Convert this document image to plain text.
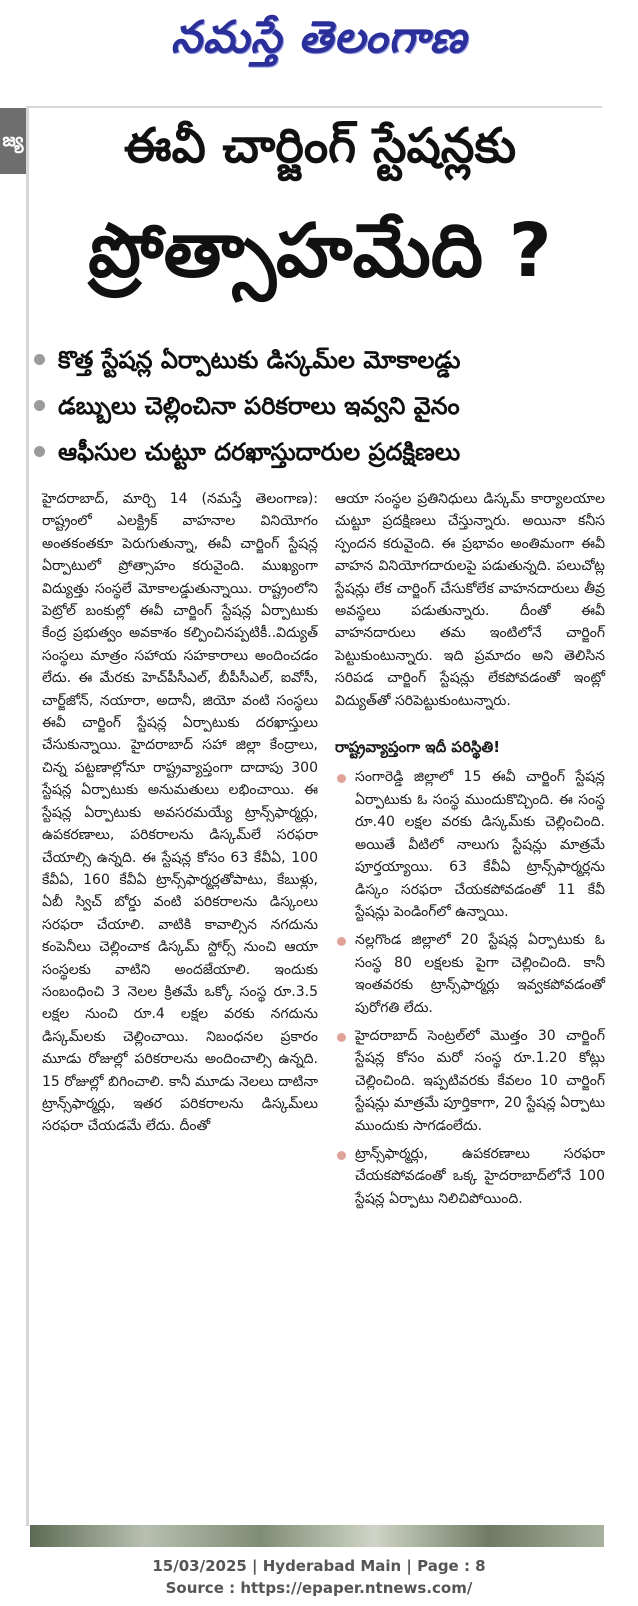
నమస్తే తెలంగాణ
జ్య	ఈవీ చార్జింగ్ స్టేషన్లకు
ప్రోత్సాహమేది ?
కొత్త స్టేషన్ల ఏర్పాటుకు డిస్కమ్‌ల మోకాలడ్డు
డబ్బులు చెల్లించినా పరికరాలు ఇవ్వని వైనం
ఆఫీసుల చుట్టూ దరఖాస్తుదారుల ప్రదక్షిణలు

హైదరాబాద్, మార్చి 14 (నమస్తే తెలంగాణ): రాష్ట్రంలో ఎలక్ట్రిక్ వాహనాల వినియోగం అంతకంతకూ పెరుగుతున్నా, ఈవీ చార్జింగ్ స్టేషన్ల ఏర్పాటులో ప్రోత్సాహం కరువైంది. ముఖ్యంగా విద్యుత్తు సంస్థలే మోకాలడ్డుతున్నాయి. రాష్ట్రంలోని పెట్రోల్ బంకుల్లో ఈవీ చార్జింగ్ స్టేషన్ల ఏర్పాటుకు కేంద్ర ప్రభుత్వం అవకాశం కల్పించినప్పటికీ..విద్యుత్ సంస్థలు మాత్రం సహాయ సహకారాలు అందించడం లేదు. ఈ మేరకు హెచ్‌పీసీఎల్, బీపీసీఎల్, ఐవోసీ, చార్జ్‌జోన్, నయారా, అదానీ, జియో వంటి సంస్థలు ఈవీ చార్జింగ్ స్టేషన్ల ఏర్పాటుకు దరఖాస్తులు చేసుకున్నాయి. హైదరాబాద్ సహా జిల్లా కేంద్రాలు, చిన్న పట్టణాల్లోనూ రాష్ట్రవ్యాప్తంగా దాదాపు 300 స్టేషన్ల ఏర్పాటుకు అనుమతులు లభించాయి. ఈ స్టేషన్ల ఏర్పాటుకు అవసరమయ్యే ట్రాన్స్‌ఫార్మర్లు, ఉపకరణాలు, పరికరాలను డిస్కమ్‌లే సరఫరా చేయాల్సి ఉన్నది. ఈ స్టేషన్ల కోసం 63 కేవీఏ, 100 కేవీఏ, 160 కేవీఏ ట్రాన్స్‌ఫార్మర్లతోపాటు, కేబుళ్లు, ఏబీ స్విచ్ బోర్డు వంటి పరికరాలను డిస్కంలు సరఫరా చేయాలి. వాటికి కావాల్సిన నగదును కంపెనీలు చెల్లించాక డిస్కమ్ స్టోర్స్ నుంచి ఆయా సంస్థలకు వాటిని అందజేయాలి. ఇందుకు సంబంధించి 3 నెలల క్రితమే ఒక్కో సంస్థ రూ.3.5 లక్షల నుంచి రూ.4 లక్షల వరకు నగదును డిస్కమ్‌లకు చెల్లించాయి. నిబంధనల ప్రకారం మూడు రోజుల్లో పరికరాలను అందించాల్సి ఉన్నది. 15 రోజుల్లో బిగించాలి. కానీ మూడు నెలలు దాటినా ట్రాన్స్‌ఫార్మర్లు, ఇతర పరికరాలను డిస్కమ్‌లు సరఫరా చేయడమే లేదు. దీంతో

ఆయా సంస్థల ప్రతినిధులు డిస్కమ్ కార్యాలయాల చుట్టూ ప్రదక్షిణలు చేస్తున్నారు. అయినా కనీస స్పందన కరువైంది. ఈ ప్రభావం అంతిమంగా ఈవీ వాహన వినియోగదారులపై పడుతున్నది. పలుచోట్ల స్టేషన్లు లేక చార్జింగ్ చేసుకోలేక వాహనదారులు తీవ్ర అవస్థలు పడుతున్నారు. దీంతో ఈవీ వాహనదారులు తమ ఇంటిలోనే చార్జింగ్ పెట్టుకుంటున్నారు. ఇది ప్రమాదం అని తెలిసిన సరిపడ చార్జింగ్ స్టేషన్లు లేకపోవడంతో ఇంట్లో విద్యుత్‌తో సరిపెట్టుకుంటున్నారు.

రాష్ట్రవ్యాప్తంగా ఇదీ పరిస్థితి!
సంగారెడ్డి జిల్లాలో 15 ఈవీ చార్జింగ్ స్టేషన్ల ఏర్పాటుకు ఓ సంస్థ ముందుకొచ్చింది. ఈ సంస్థ రూ.40 లక్షల వరకు డిస్కమ్‌కు చెల్లించింది. అయితే వీటిలో నాలుగు స్టేషన్లు మాత్రమే పూర్తయ్యాయి. 63 కేవీఏ ట్రాన్స్‌ఫార్మర్లను డిస్కం సరఫరా చేయకపోవడంతో 11 కేవీ స్టేషన్లు పెండింగ్‌లో ఉన్నాయి.
నల్లగొండ జిల్లాలో 20 స్టేషన్ల ఏర్పాటుకు ఓ సంస్థ 80 లక్షలకు పైగా చెల్లించింది. కానీ ఇంతవరకు ట్రాన్స్‌ఫార్మర్లు ఇవ్వకపోవడంతో పురోగతి లేదు.
హైదరాబాద్ సెంట్రల్‌లో మొత్తం 30 చార్జింగ్ స్టేషన్ల కోసం మరో సంస్థ రూ.1.20 కోట్లు చెల్లించింది. ఇప్పటివరకు కేవలం 10 చార్జింగ్ స్టేషన్లు మాత్రమే పూర్తికాగా, 20 స్టేషన్ల ఏర్పాటు ముందుకు సాగడంలేదు.
ట్రాన్స్‌ఫార్మర్లు, ఉపకరణాలు సరఫరా చేయకపోవడంతో ఒక్క హైదరాబాద్‌లోనే 100 స్టేషన్ల ఏర్పాటు నిలిచిపోయింది.
15/03/2025 | Hyderabad Main | Page : 8
Source : https://epaper.ntnews.com/
